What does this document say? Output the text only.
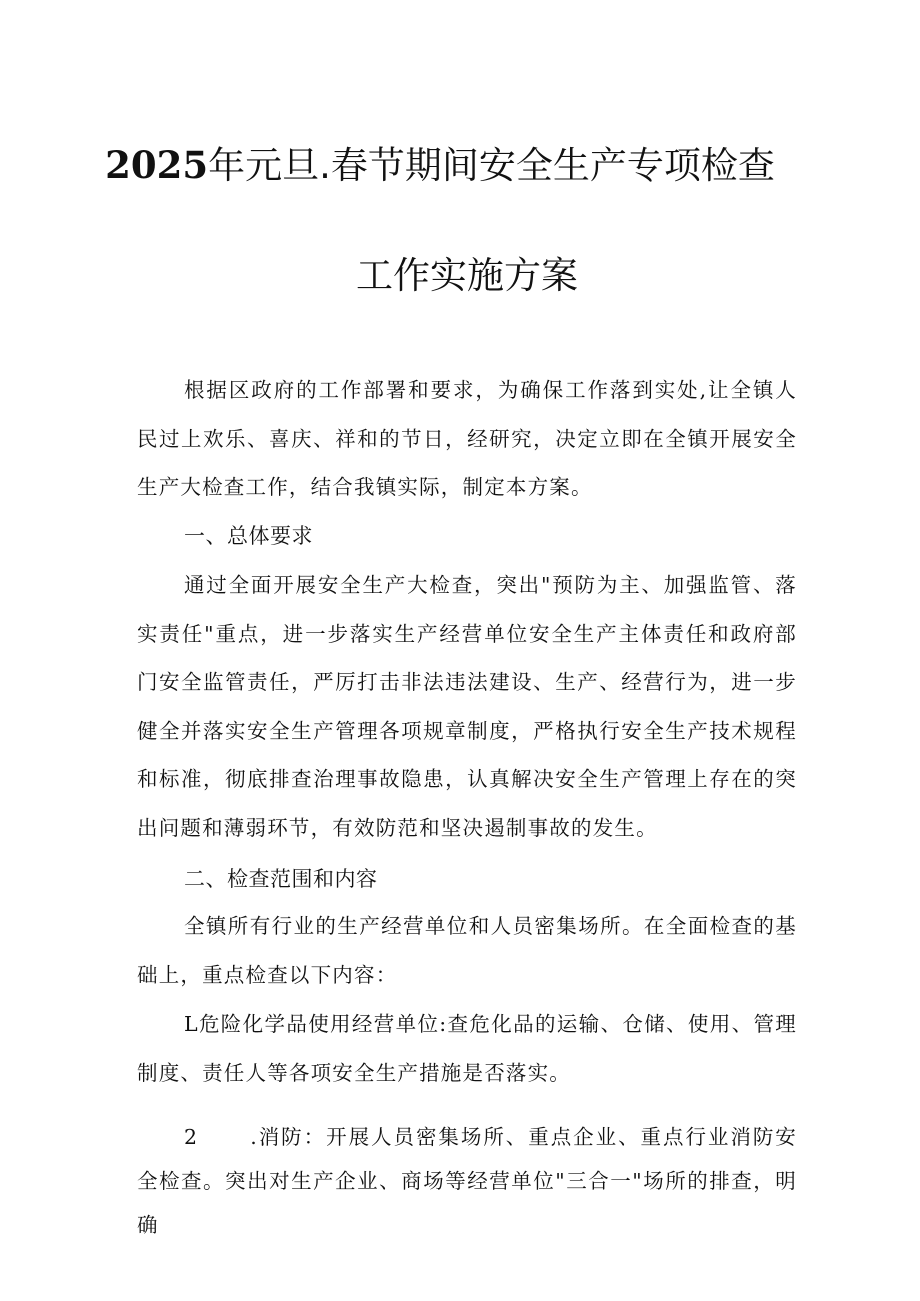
2025年元旦.春节期间安全生产专项检查
工作实施方案

根据区政府的工作部署和要求，为确保工作落到实处,让全镇人民过上欢乐、喜庆、祥和的节日，经研究，决定立即在全镇开展安全生产大检查工作，结合我镇实际，制定本方案。

一、总体要求

通过全面开展安全生产大检查，突出"预防为主、加强监管、落实责任"重点，进一步落实生产经营单位安全生产主体责任和政府部门安全监管责任，严厉打击非法违法建设、生产、经营行为，进一步健全并落实安全生产管理各项规章制度，严格执行安全生产技术规程和标准，彻底排查治理事故隐患，认真解决安全生产管理上存在的突出问题和薄弱环节，有效防范和坚决遏制事故的发生。

二、检查范围和内容

全镇所有行业的生产经营单位和人员密集场所。在全面检查的基础上，重点检查以下内容：

L危险化学品使用经营单位:查危化品的运输、仓储、使用、管理制度、责任人等各项安全生产措施是否落实。

2	.消防：开展人员密集场所、重点企业、重点行业消防安全检查。突出对生产企业、商场等经营单位"三合一"场所的排查，明确
